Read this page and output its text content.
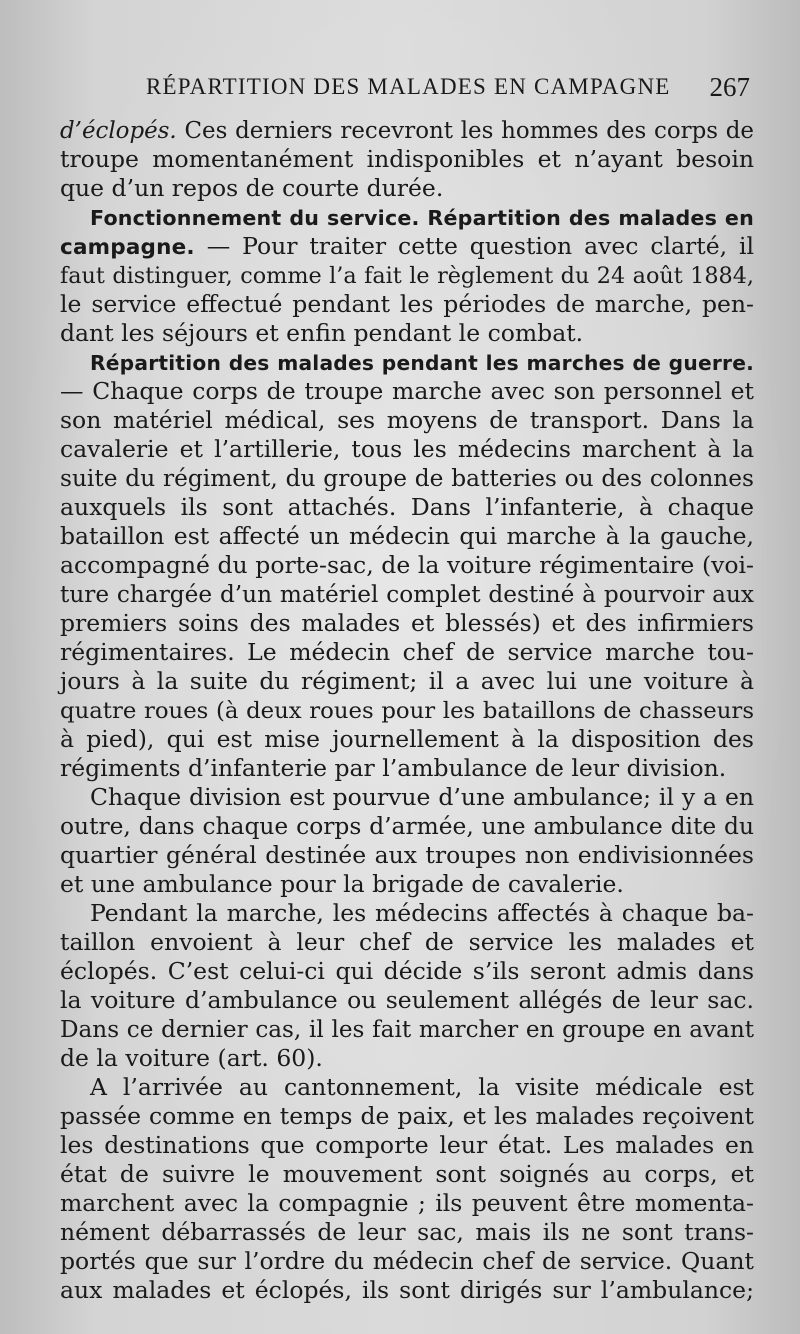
RÉPARTITION DES MALADES EN CAMPAGNE 267
d’éclopés. Ces derniers recevront les hommes des corps de
troupe momentanément indisponibles et n’ayant besoin
que d’un repos de courte durée.
Fonctionnement du service. Répartition des malades en
campagne. — Pour traiter cette question avec clarté, il
faut distinguer, comme l’a fait le règlement du 24 août 1884,
le service effectué pendant les périodes de marche, pen-
dant les séjours et enfin pendant le combat.
Répartition des malades pendant les marches de guerre.
— Chaque corps de troupe marche avec son personnel et
son matériel médical, ses moyens de transport. Dans la
cavalerie et l’artillerie, tous les médecins marchent à la
suite du régiment, du groupe de batteries ou des colonnes
auxquels ils sont attachés. Dans l’infanterie, à chaque
bataillon est affecté un médecin qui marche à la gauche,
accompagné du porte-sac, de la voiture régimentaire (voi-
ture chargée d’un matériel complet destiné à pourvoir aux
premiers soins des malades et blessés) et des infirmiers
régimentaires. Le médecin chef de service marche tou-
jours à la suite du régiment; il a avec lui une voiture à
quatre roues (à deux roues pour les bataillons de chasseurs
à pied), qui est mise journellement à la disposition des
régiments d’infanterie par l’ambulance de leur division.
Chaque division est pourvue d’une ambulance; il y a en
outre, dans chaque corps d’armée, une ambulance dite du
quartier général destinée aux troupes non endivisionnées
et une ambulance pour la brigade de cavalerie.
Pendant la marche, les médecins affectés à chaque ba-
taillon envoient à leur chef de service les malades et
éclopés. C’est celui-ci qui décide s’ils seront admis dans
la voiture d’ambulance ou seulement allégés de leur sac.
Dans ce dernier cas, il les fait marcher en groupe en avant
de la voiture (art. 60).
A l’arrivée au cantonnement, la visite médicale est
passée comme en temps de paix, et les malades reçoivent
les destinations que comporte leur état. Les malades en
état de suivre le mouvement sont soignés au corps, et
marchent avec la compagnie ; ils peuvent être momenta-
nément débarrassés de leur sac, mais ils ne sont trans-
portés que sur l’ordre du médecin chef de service. Quant
aux malades et éclopés, ils sont dirigés sur l’ambulance;
